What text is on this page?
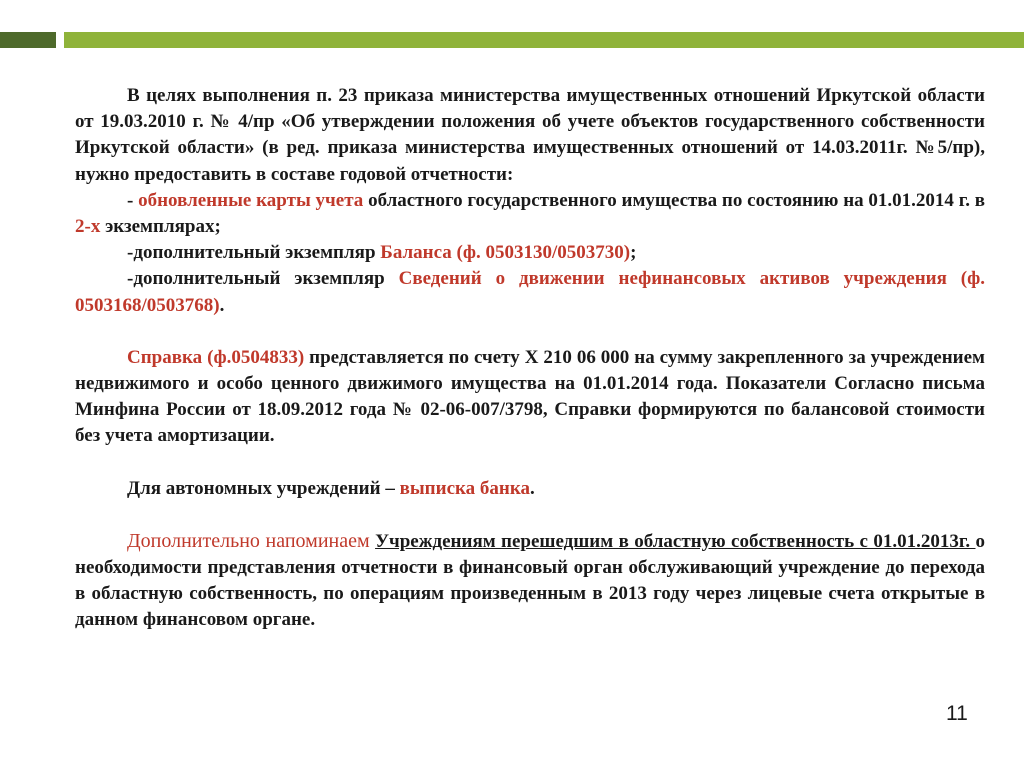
В целях выполнения п. 23 приказа министерства имущественных отношений Иркутской области от 19.03.2010 г. № 4/пр «Об утверждении положения об учете объектов государственного собственности Иркутской области» (в ред. приказа министерства имущественных отношений от 14.03.2011г. №5/пр), нужно предоставить в составе годовой отчетности:

- обновленные карты учета областного государственного имущества по состоянию на 01.01.2014 г. в 2-х экземплярах;

-дополнительный экземпляр Баланса (ф. 0503130/0503730);

-дополнительный экземпляр Сведений о движении нефинансовых активов учреждения (ф. 0503168/0503768).

Справка (ф.0504833) представляется по счету Х 210 06 000 на сумму закрепленного за учреждением недвижимого и особо ценного движимого имущества на 01.01.2014 года. Показатели Согласно письма Минфина России от 18.09.2012 года № 02-06-007/3798, Справки формируются по балансовой стоимости без учета амортизации.

Для автономных учреждений – выписка банка.

Дополнительно напоминаем Учреждениям перешедшим в областную собственность с 01.01.2013г. о необходимости представления отчетности в финансовый орган обслуживающий учреждение до перехода в областную собственность, по операциям произведенным в 2013 году через лицевые счета открытые в данном финансовом органе.

11
